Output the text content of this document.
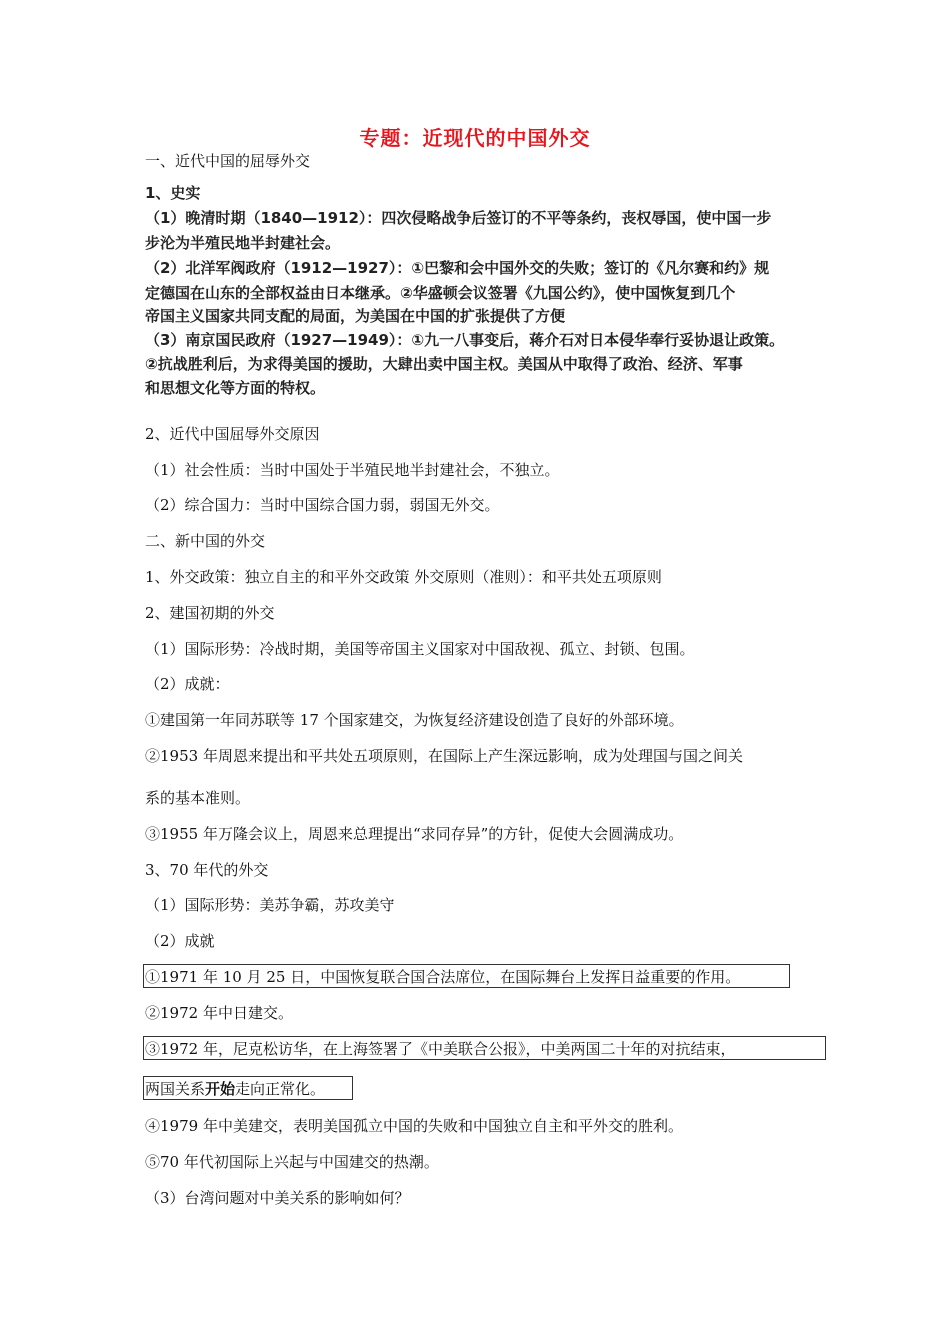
专题：近现代的中国外交
一、近代中国的屈辱外交
1、史实
（1）晚清时期（1840—1912）：四次侵略战争后签订的不平等条约，丧权辱国，使中国一步
步沦为半殖民地半封建社会。
（2）北洋军阀政府（1912—1927）：①巴黎和会中国外交的失败；签订的《凡尔赛和约》规
定德国在山东的全部权益由日本继承。②华盛顿会议签署《九国公约》，使中国恢复到几个
帝国主义国家共同支配的局面，为美国在中国的扩张提供了方便
（3）南京国民政府（1927—1949）：①九一八事变后，蒋介石对日本侵华奉行妥协退让政策。
②抗战胜利后，为求得美国的援助，大肆出卖中国主权。美国从中取得了政治、经济、军事
和思想文化等方面的特权。
2、近代中国屈辱外交原因
（1）社会性质：当时中国处于半殖民地半封建社会，不独立。
（2）综合国力：当时中国综合国力弱，弱国无外交。
二、新中国的外交
1、外交政策：独立自主的和平外交政策 外交原则（准则）：和平共处五项原则
2、建国初期的外交
（1）国际形势：冷战时期，美国等帝国主义国家对中国敌视、孤立、封锁、包围。
（2）成就：
①建国第一年同苏联等 17 个国家建交，为恢复经济建设创造了良好的外部环境。
②1953 年周恩来提出和平共处五项原则，在国际上产生深远影响，成为处理国与国之间关
系的基本准则。
③1955 年万隆会议上，周恩来总理提出“求同存异”的方针，促使大会圆满成功。
3、70 年代的外交
（1）国际形势：美苏争霸，苏攻美守
（2）成就
①1971 年 10 月 25 日，中国恢复联合国合法席位，在国际舞台上发挥日益重要的作用。
②1972 年中日建交。
③1972 年，尼克松访华，在上海签署了《中美联合公报》，中美两国二十年的对抗结束，
两国关系开始走向正常化。
④1979 年中美建交，表明美国孤立中国的失败和中国独立自主和平外交的胜利。
⑤70 年代初国际上兴起与中国建交的热潮。
（3）台湾问题对中美关系的影响如何？
